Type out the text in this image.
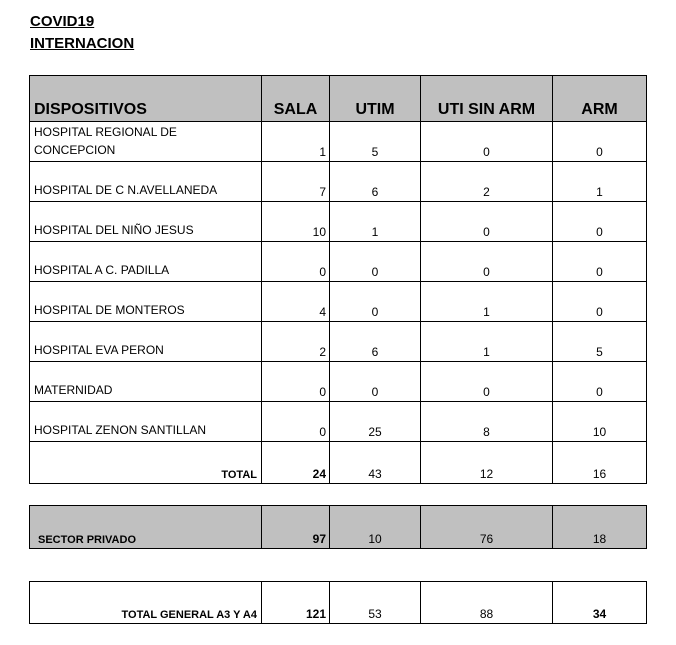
COVID19
INTERNACION
DISPOSITIVOS	SALA	UTIM	UTI SIN ARM	ARM
HOSPITAL REGIONAL DE CONCEPCION	1	5	0	0
HOSPITAL DE C N.AVELLANEDA	7	6	2	1
HOSPITAL DEL NIÑO JESUS	10	1	0	0
HOSPITAL A C. PADILLA	0	0	0	0
HOSPITAL DE MONTEROS	4	0	1	0
HOSPITAL EVA PERON	2	6	1	5
MATERNIDAD	0	0	0	0
HOSPITAL ZENON SANTILLAN	0	25	8	10
TOTAL	24	43	12	16
SECTOR PRIVADO	97	10	76	18
TOTAL GENERAL A3 Y A4	121	53	88	34
